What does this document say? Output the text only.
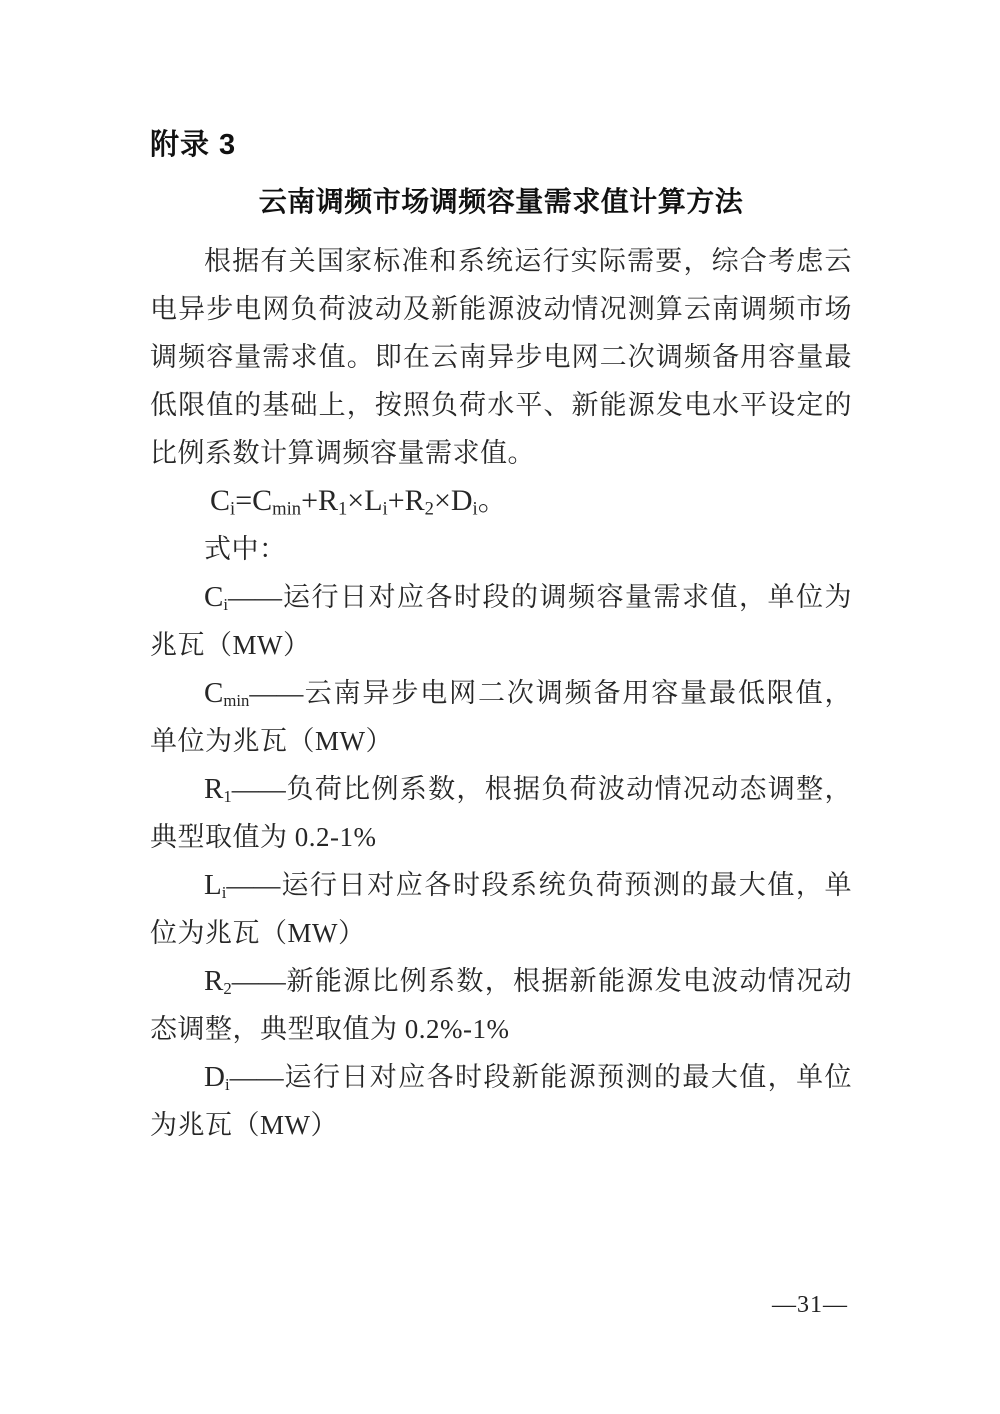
附录 3
云南调频市场调频容量需求值计算方法

根据有关国家标准和系统运行实际需要，综合考虑云电异步电网负荷波动及新能源波动情况测算云南调频市场调频容量需求值。即在云南异步电网二次调频备用容量最低限值的基础上，按照负荷水平、新能源发电水平设定的比例系数计算调频容量需求值。

$C_i=C_{min}+R_1\times L_i+R_2\times D_i$。

式中：

$C_i——$运行日对应各时段的调频容量需求值，单位为兆瓦（MW）

$C_{min}——$云南异步电网二次调频备用容量最低限值，单位为兆瓦（MW）

$R_1——$负荷比例系数，根据负荷波动情况动态调整，典型取值为 0.2-1%

$L_i——$运行日对应各时段系统负荷预测的最大值，单位为兆瓦（MW）

$R_2——$新能源比例系数，根据新能源发电波动情况动态调整，典型取值为 0.2%-1%

$D_i——$运行日对应各时段新能源预测的最大值，单位为兆瓦（MW）

—31—
